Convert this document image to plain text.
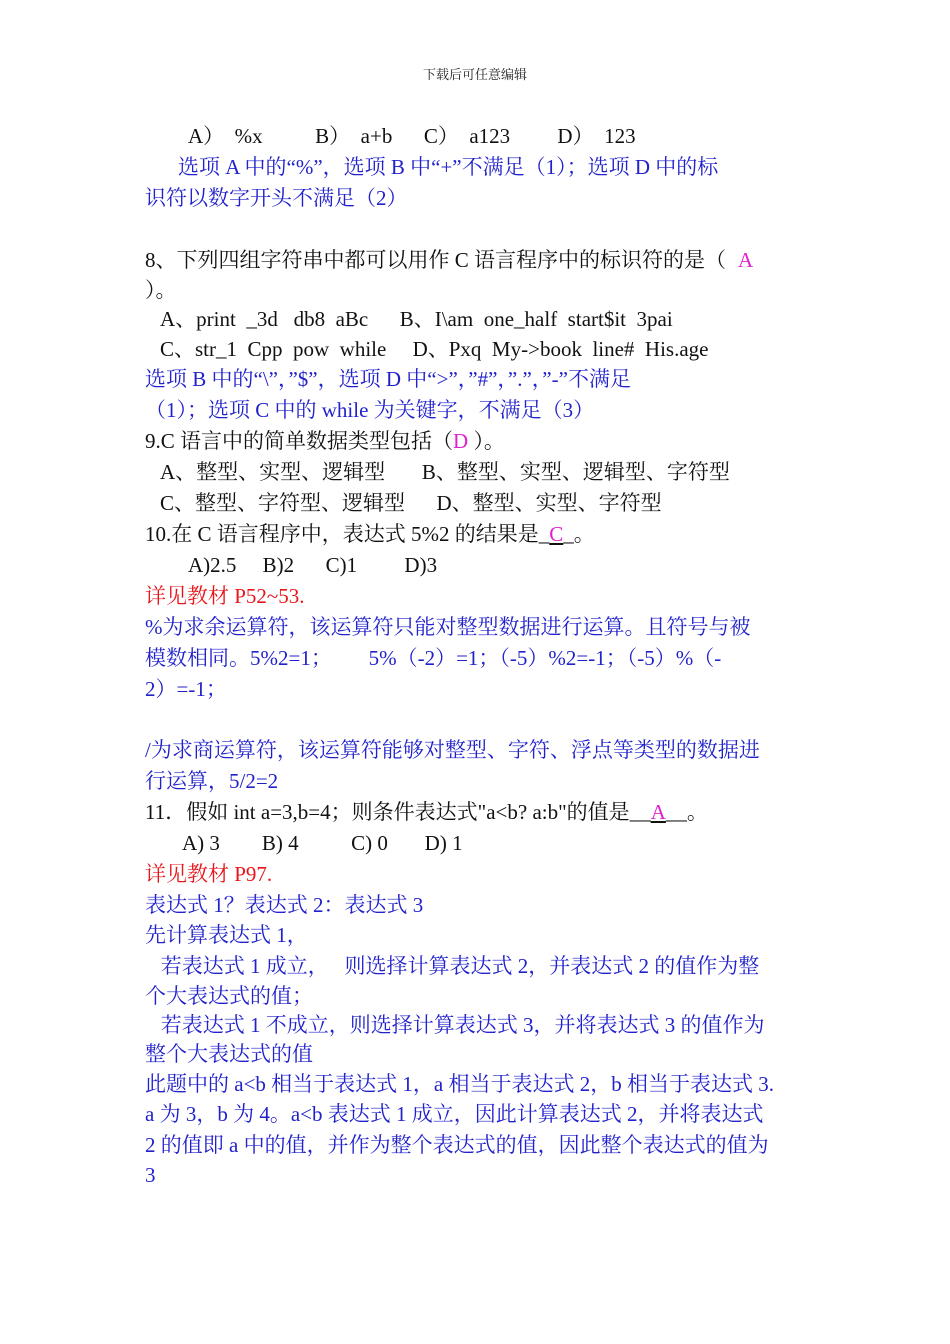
下载后可任意编辑
A）  %x          B）  a+b      C）  a123         D）  123
选项 A 中的“%”，选项 B 中“+”不满足（1）；选项 D 中的标
识符以数字开头不满足（2）
8、下列四组字符串中都可以用作 C 语言程序中的标识符的是（ A
）。
A、print  _3d   db8  aBc      B、I\am  one_half  start$it  3pai
C、str_1  Cpp  pow  while     D、Pxq  My->book  line#  His.age
选项 B 中的“\”，”$”，选项 D 中“>”，”#”，”.”，”-”不满足
（1）；选项 C 中的 while 为关键字，不满足（3）
9.C 语言中的简单数据类型包括（D ）。
A、整型、实型、逻辑型       B、整型、实型、逻辑型、字符型
C、整型、字符型、逻辑型      D、整型、实型、字符型
10.在 C 语言程序中，表达式 5%2 的结果是_C_。
A)2.5     B)2      C)1         D)3
详见教材 P52~53.
%为求余运算符，该运算符只能对整型数据进行运算。且符号与被
模数相同。5%2=1；       5%（-2）=1；（-5）%2=-1；（-5）%（-
2）=-1；
/为求商运算符，该运算符能够对整型、字符、浮点等类型的数据进
行运算，5/2=2
11．假如 int a=3,b=4；则条件表达式"a<b? a:b"的值是__A__。
A) 3        B) 4          C) 0       D) 1
详见教材 P97.
表达式 1？表达式 2：表达式 3
先计算表达式 1，
若表达式 1 成立，   则选择计算表达式 2，并表达式 2 的值作为整
个大表达式的值；
若表达式 1 不成立，则选择计算表达式 3，并将表达式 3 的值作为
整个大表达式的值
此题中的 a<b 相当于表达式 1，a 相当于表达式 2，b 相当于表达式 3.
a 为 3，b 为 4。a<b 表达式 1 成立，因此计算表达式 2，并将表达式
2 的值即 a 中的值，并作为整个表达式的值，因此整个表达式的值为
3
